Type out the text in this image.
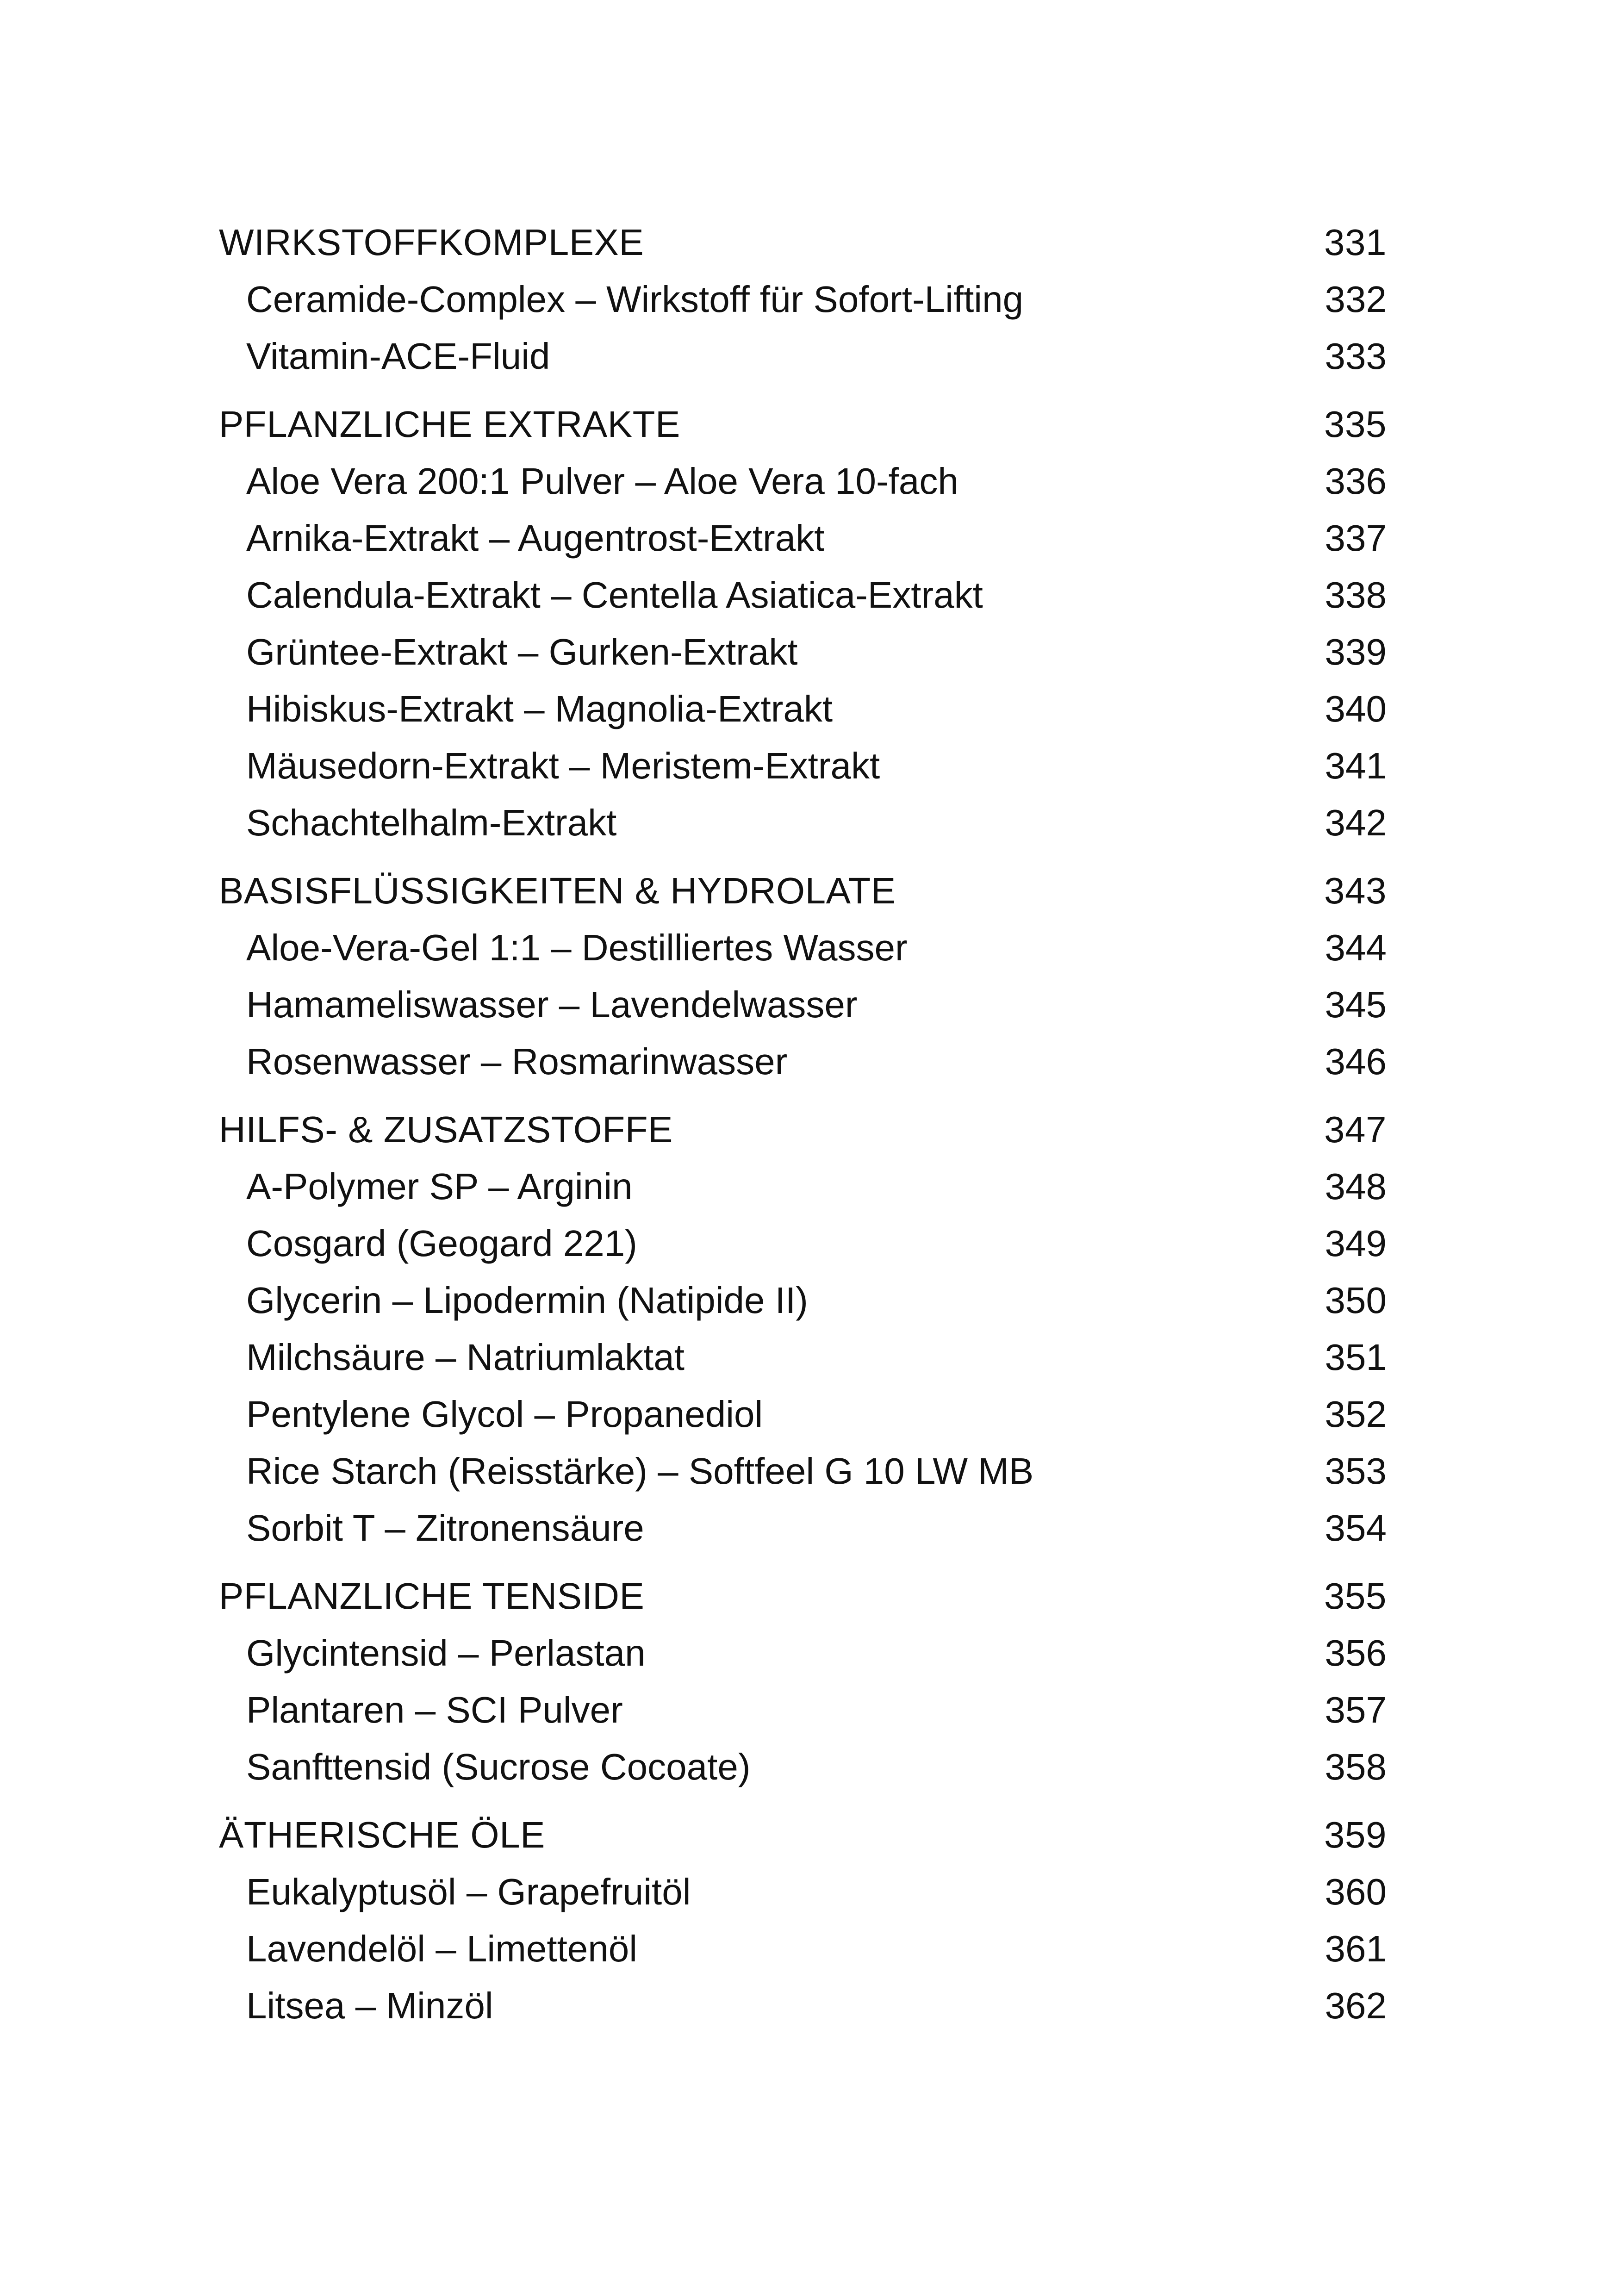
WIRKSTOFFKOMPLEXE	331
Ceramide-Complex – Wirkstoff für Sofort-Lifting	332
Vitamin-ACE-Fluid	333
PFLANZLICHE EXTRAKTE	335
Aloe Vera 200:1 Pulver – Aloe Vera 10-fach	336
Arnika-Extrakt – Augentrost-Extrakt	337
Calendula-Extrakt – Centella Asiatica-Extrakt	338
Grüntee-Extrakt – Gurken-Extrakt	339
Hibiskus-Extrakt – Magnolia-Extrakt	340
Mäusedorn-Extrakt – Meristem-Extrakt	341
Schachtelhalm-Extrakt	342
BASISFLÜSSIGKEITEN & HYDROLATE	343
Aloe-Vera-Gel 1:1 – Destilliertes Wasser	344
Hamameliswasser – Lavendelwasser	345
Rosenwasser – Rosmarinwasser	346
HILFS- & ZUSATZSTOFFE	347
A-Polymer SP – Arginin	348
Cosgard (Geogard 221)	349
Glycerin – Lipodermin (Natipide II)	350
Milchsäure – Natriumlaktat	351
Pentylene Glycol – Propanediol	352
Rice Starch (Reisstärke) – Softfeel G 10 LW MB	353
Sorbit T – Zitronensäure	354
PFLANZLICHE TENSIDE	355
Glycintensid – Perlastan	356
Plantaren – SCI Pulver	357
Sanfttensid (Sucrose Cocoate)	358
ÄTHERISCHE ÖLE	359
Eukalyptusöl – Grapefruitöl	360
Lavendelöl – Limettenöl	361
Litsea – Minzöl	362
